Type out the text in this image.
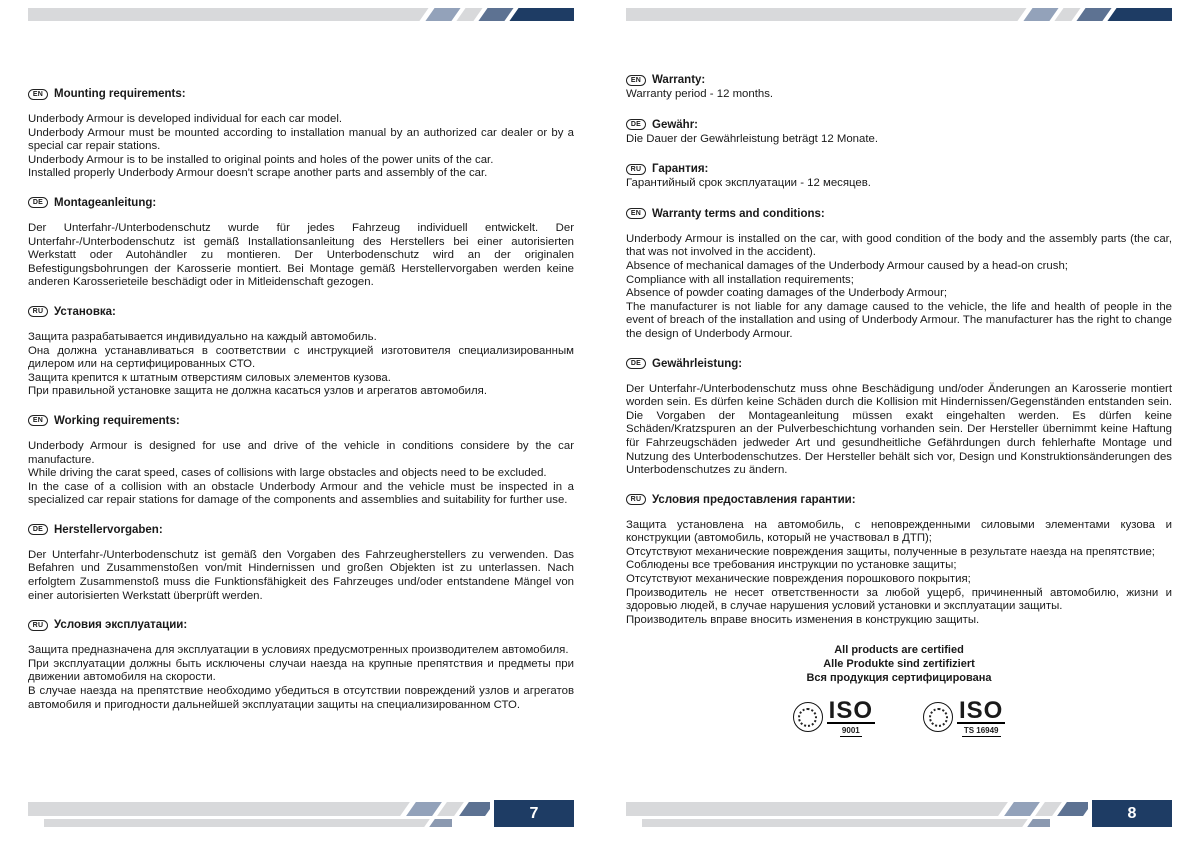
EN Mounting requirements:

Underbody Armour is developed individual for each car model.

Underbody Armour must be mounted according to installation manual by an authorized car dealer or by a special car repair stations.

Underbody Armour is to be installed to original points and holes of the power units of the car.

Installed properly Underbody Armour doesn't scrape another parts and assembly of the car.

DE Montageanleitung:

Der Unterfahr-/Unterbodenschutz wurde für jedes Fahrzeug individuell entwickelt. Der Unterfahr-/Unterbodenschutz ist gemäß Installationsanleitung des Herstellers bei einer autorisierten Werkstatt oder Autohändler zu montieren. Der Unterbodenschutz wird an der originalen Befestigungsbohrungen der Karosserie montiert. Bei Montage gemäß Herstellervorgaben werden keine anderen Karosserieteile beschädigt oder in Mitleidenschaft gezogen.

RU Установка:

Защита разрабатывается индивидуально на каждый автомобиль.

Она должна устанавливаться в соответствии с инструкцией изготовителя специализированным дилером или на сертифицированных СТО.

Защита крепится к штатным отверстиям силовых элементов кузова.

При правильной установке защита не должна касаться узлов и агрегатов автомобиля.

EN Working requirements:

Underbody Armour is designed for use and drive of the vehicle in conditions considere by the car manufacture.

While driving the carat speed, cases of collisions with large obstacles and objects need to be excluded.

In the case of a collision with an obstacle Underbody Armour and the vehicle must be inspected in a specialized car repair stations for damage of the components and assemblies and suitability for further use.

DE Herstellervorgaben:

Der Unterfahr-/Unterbodenschutz ist gemäß den Vorgaben des Fahrzeugherstellers zu verwenden. Das Befahren und Zusammenstoßen von/mit Hindernissen und großen Objekten ist zu unterlassen. Nach erfolgtem Zusammenstoß muss die Funktionsfähigkeit des Fahrzeuges und/oder entstandene Mängel von einer autorisierten Werkstatt überprüft werden.

RU Условия эксплуатации:

Защита предназначена для эксплуатации в условиях предусмотренных производителем автомобиля.

При эксплуатации должны быть исключены случаи наезда на крупные препятствия и предметы при движении автомобиля на скорости.

В случае наезда на препятствие необходимо убедиться в отсутствии повреждений узлов и агрегатов автомобиля и пригодности дальнейшей эксплуатации защиты на специализированном СТО.

7
EN Warranty:

Warranty period - 12 months.

DE Gewähr:

Die Dauer der Gewährleistung beträgt 12 Monate.

RU Гарантия:

Гарантийный срок эксплуатации - 12 месяцев.

EN Warranty terms and conditions:

Underbody Armour is installed on the car, with good condition of the body and the assembly parts (the car, that was not involved in the accident).

Absence of mechanical damages of the Underbody Armour caused by a head-on crush;

Compliance with all installation requirements;

Absence of powder coating damages of the Underbody Armour;

The manufacturer is not liable for any damage caused to the vehicle, the life and health of people in the event of breach of the installation and using of Underbody Armour. The manufacturer has the right to change the design of Underbody Armour.

DE Gewährleistung:

Der Unterfahr-/Unterbodenschutz muss ohne Beschädigung und/oder Änderungen an Karosserie montiert worden sein. Es dürfen keine Schäden durch die Kollision mit Hindernissen/Gegenständen entstanden sein. Die Vorgaben der Montageanleitung müssen exakt eingehalten werden. Es dürfen keine Schäden/Kratzspuren an der Pulverbeschichtung vorhanden sein. Der Hersteller übernimmt keine Haftung für Fahrzeugschäden jedweder Art und gesundheitliche Gefährdungen durch fehlerhafte Montage und Nutzung des Unterbodenschutzes. Der Hersteller behält sich vor, Design und Konstruktionsänderungen des Unterbodenschutzes zu ändern.

RU Условия предоставления гарантии:

Защита установлена на автомобиль, с неповрежденными силовыми элементами кузова и конструкции (автомобиль, который не участвовал в ДТП);

Отсутствуют механические повреждения защиты, полученные в результате наезда на препятствие;

Соблюдены все требования инструкции по установке защиты;

Отсутствуют механические повреждения порошкового покрытия;

Производитель не несет ответственности за любой ущерб, причиненный автомобилю, жизни и здоровью людей, в случае нарушения условий установки и эксплуатации защиты.

Производитель вправе вносить изменения в конструкцию защиты.

All products are certified
Alle Produkte sind zertifiziert
Вся продукция сертифицирована
ISO
9001
ISO
TS 16949
8
